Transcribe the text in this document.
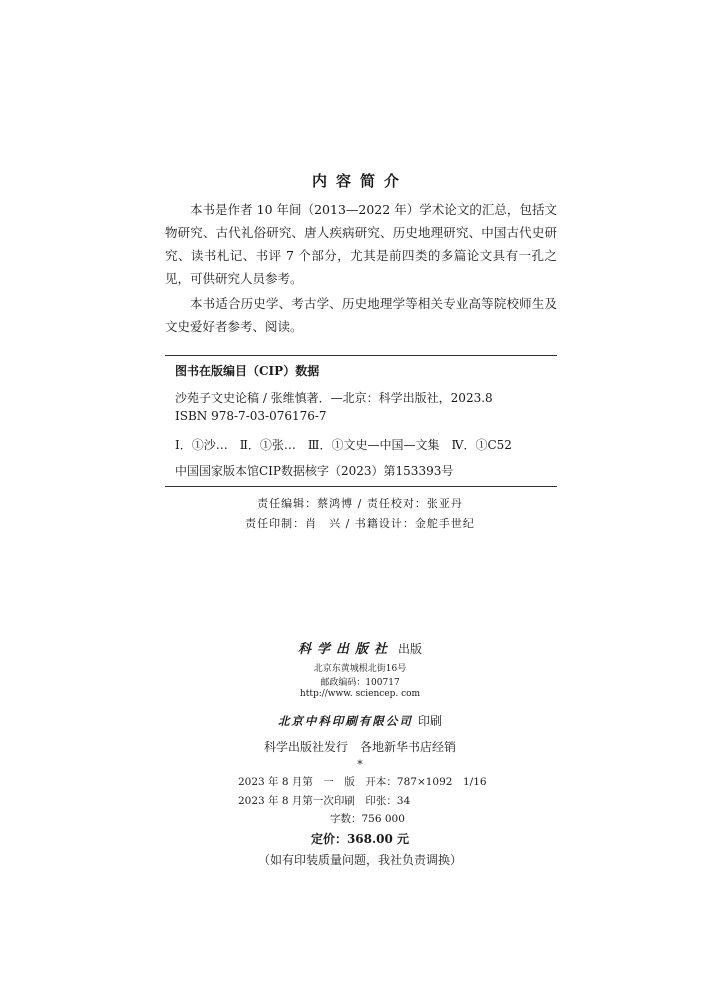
内容简介

本书是作者 10 年间（2013—2022 年）学术论文的汇总，包括文物研究、古代礼俗研究、唐人疾病研究、历史地理研究、中国古代史研究、读书札记、书评 7 个部分，尤其是前四类的多篇论文具有一孔之见，可供研究人员参考。

本书适合历史学、考古学、历史地理学等相关专业高等院校师生及文史爱好者参考、阅读。

图书在版编目（CIP）数据
沙苑子文史论稿 / 张维慎著．—北京：科学出版社，2023.8
ISBN 978-7-03-076176-7
Ⅰ．①沙…　Ⅱ．①张…　Ⅲ．①文史—中国—文集　Ⅳ．①C52
中国国家版本馆CIP数据核字（2023）第153393号
责任编辑：蔡鸿博 / 责任校对：张亚丹
责任印制：肖　兴 / 书籍设计：金舵手世纪
科学出版社 出版
北京东黄城根北街16号
邮政编码：100717
http://www. sciencep. com
北京中科印刷有限公司 印刷
科学出版社发行　各地新华书店经销
*
2023 年 8 月第　一　版　开本：787×1092　1/16
2023 年 8 月第一次印刷　印张：34
字数：756 000
定价：368.00 元
（如有印装质量问题，我社负责调换）
